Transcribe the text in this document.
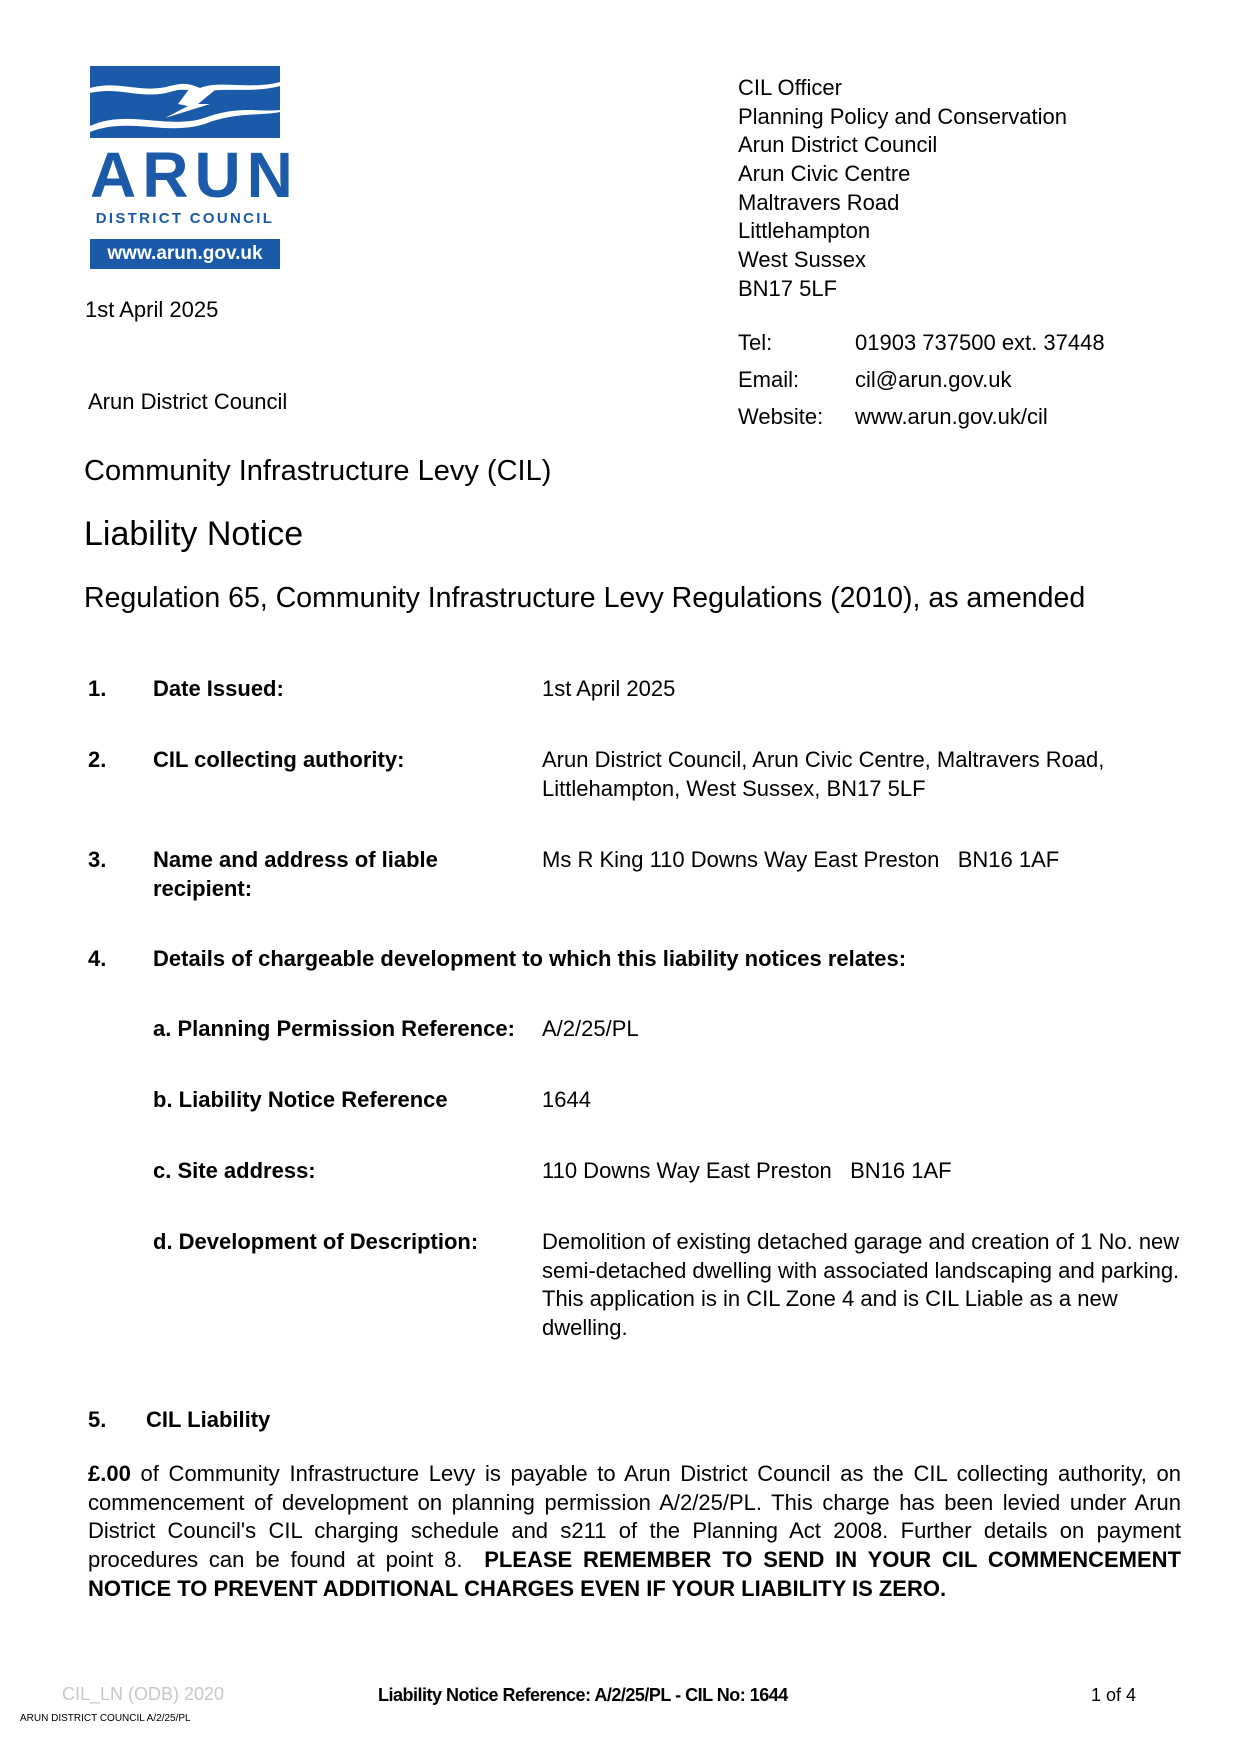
ARUN
DISTRICT COUNCIL
www.arun.gov.uk
CIL Officer
Planning Policy and Conservation
Arun District Council
Arun Civic Centre
Maltravers Road
Littlehampton
West Sussex
BN17 5LF
Tel:	01903 737500 ext. 37448
Email:	cil@arun.gov.uk
Website: www.arun.gov.uk/cil
1st April 2025
Arun District Council
Community Infrastructure Levy (CIL)
Liability Notice
Regulation 65, Community Infrastructure Levy Regulations (2010), as amended
1. Date Issued:	1st April 2025
2. CIL collecting authority:	Arun District Council, Arun Civic Centre, Maltravers Road, Littlehampton, West Sussex, BN17 5LF
3. Name and address of liable recipient:
Ms R King 110 Downs Way East Preston   BN16 1AF
4. Details of chargeable development to which this liability notices relates:
a. Planning Permission Reference: A/2/25/PL
b. Liability Notice Reference	1644
c. Site address:	110 Downs Way East Preston   BN16 1AF
d. Development of Description:	Demolition of existing detached garage and creation of 1 No. new semi-detached dwelling with associated landscaping and parking. This application is in CIL Zone 4 and is CIL Liable as a new dwelling.
5. CIL Liability
£.00 of Community Infrastructure Levy is payable to Arun District Council as the CIL collecting authority, on commencement of development on planning permission A/2/25/PL. This charge has been levied under Arun District Council's CIL charging schedule and s211 of the Planning Act 2008. Further details on payment procedures can be found at point 8.  PLEASE REMEMBER TO SEND IN YOUR CIL COMMENCEMENT NOTICE TO PREVENT ADDITIONAL CHARGES EVEN IF YOUR LIABILITY IS ZERO.
CIL_LN (ODB) 2020	Liability Notice Reference: A/2/25/PL - CIL No: 1644	1 of 4
ARUN DISTRICT COUNCIL A/2/25/PL
